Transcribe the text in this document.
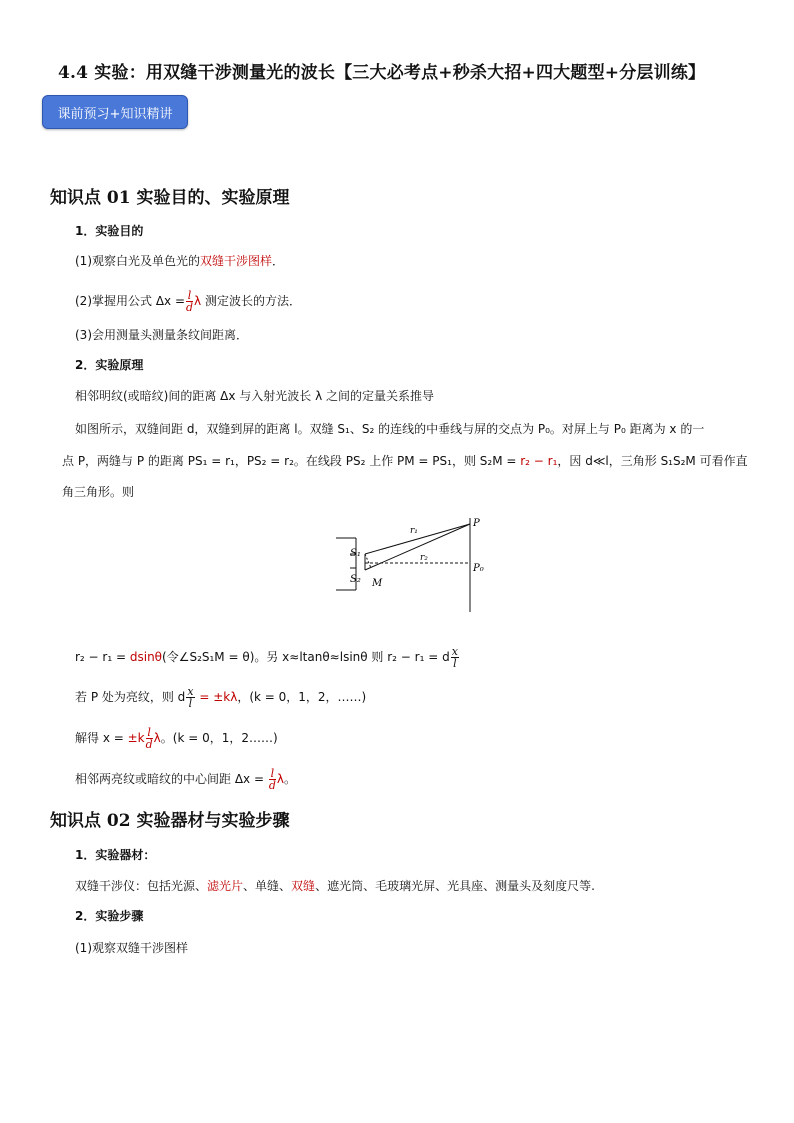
4.4 实验：用双缝干涉测量光的波长【三大必考点+秒杀大招+四大题型+分层训练】
课前预习+知识精讲
知识点 01 实验目的、实验原理
1．实验目的
(1)观察白光及单色光的双缝干涉图样．
(2)掌握用公式 $\Delta x = \frac{l}{d}$ λ 测定波长的方法．
(3)会用测量头测量条纹间距离．
2．实验原理
相邻明纹(或暗纹)间的距离 Δx 与入射光波长 λ 之间的定量关系推导
如图所示，双缝间距 d，双缝到屏的距离 l。双缝 S₁、S₂ 的连线的中垂线与屏的交点为 P₀。对屏上与 P₀ 距离为 x 的一
点 P，两缝与 P 的距离 PS₁ = r₁，PS₂ = r₂。在线段 PS₂ 上作 PM = PS₁，则 S₂M = r₂ − r₁，因 d≪l，三角形 S₁S₂M 可看作直
角三角形。则
S₁
S₂ M
r₁
r₂
P
P₀
r₂ − r₁ = dsinθ(令∠S₂S₁M = θ)。另 x≈ltanθ≈lsinθ 则 r₂ − r₁ = d $\frac{x}{l}$
若 P 处为亮纹，则 d $\frac{x}{l} = \pm k\lambda$，(k = 0，1，2，……)
解得 $x = \pm k \frac{l}{d}$ λ。(k = 0，1，2……)
相邻两亮纹或暗纹的中心间距 $\Delta x = \frac{l}{d}$ λ。
知识点 02 实验器材与实验步骤
1．实验器材：
双缝干涉仪：包括光源、滤光片、单缝、双缝、遮光筒、毛玻璃光屏、光具座、测量头及刻度尺等.
2．实验步骤
(1)观察双缝干涉图样
